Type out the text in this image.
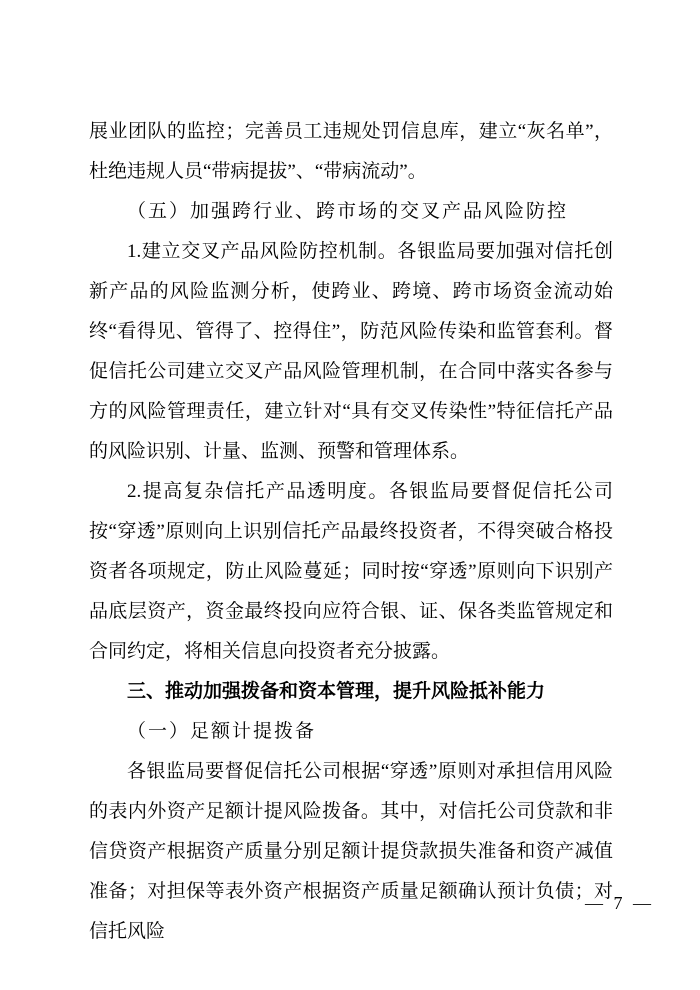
展业团队的监控；完善员工违规处罚信息库，建立“灰名单”，杜绝违规人员“带病提拔”、“带病流动”。

（五）加强跨行业、跨市场的交叉产品风险防控

1.建立交叉产品风险防控机制。各银监局要加强对信托创新产品的风险监测分析，使跨业、跨境、跨市场资金流动始终“看得见、管得了、控得住”，防范风险传染和监管套利。督促信托公司建立交叉产品风险管理机制，在合同中落实各参与方的风险管理责任，建立针对“具有交叉传染性”特征信托产品的风险识别、计量、监测、预警和管理体系。

2.提高复杂信托产品透明度。各银监局要督促信托公司按“穿透”原则向上识别信托产品最终投资者，不得突破合格投资者各项规定，防止风险蔓延；同时按“穿透”原则向下识别产品底层资产，资金最终投向应符合银、证、保各类监管规定和合同约定，将相关信息向投资者充分披露。

三、推动加强拨备和资本管理，提升风险抵补能力

（一）足额计提拨备

各银监局要督促信托公司根据“穿透”原则对承担信用风险的表内外资产足额计提风险拨备。其中，对信托公司贷款和非信贷资产根据资产质量分别足额计提贷款损失准备和资产减值准备；对担保等表外资产根据资产质量足额确认预计负债；对信托风险

— 7 —
